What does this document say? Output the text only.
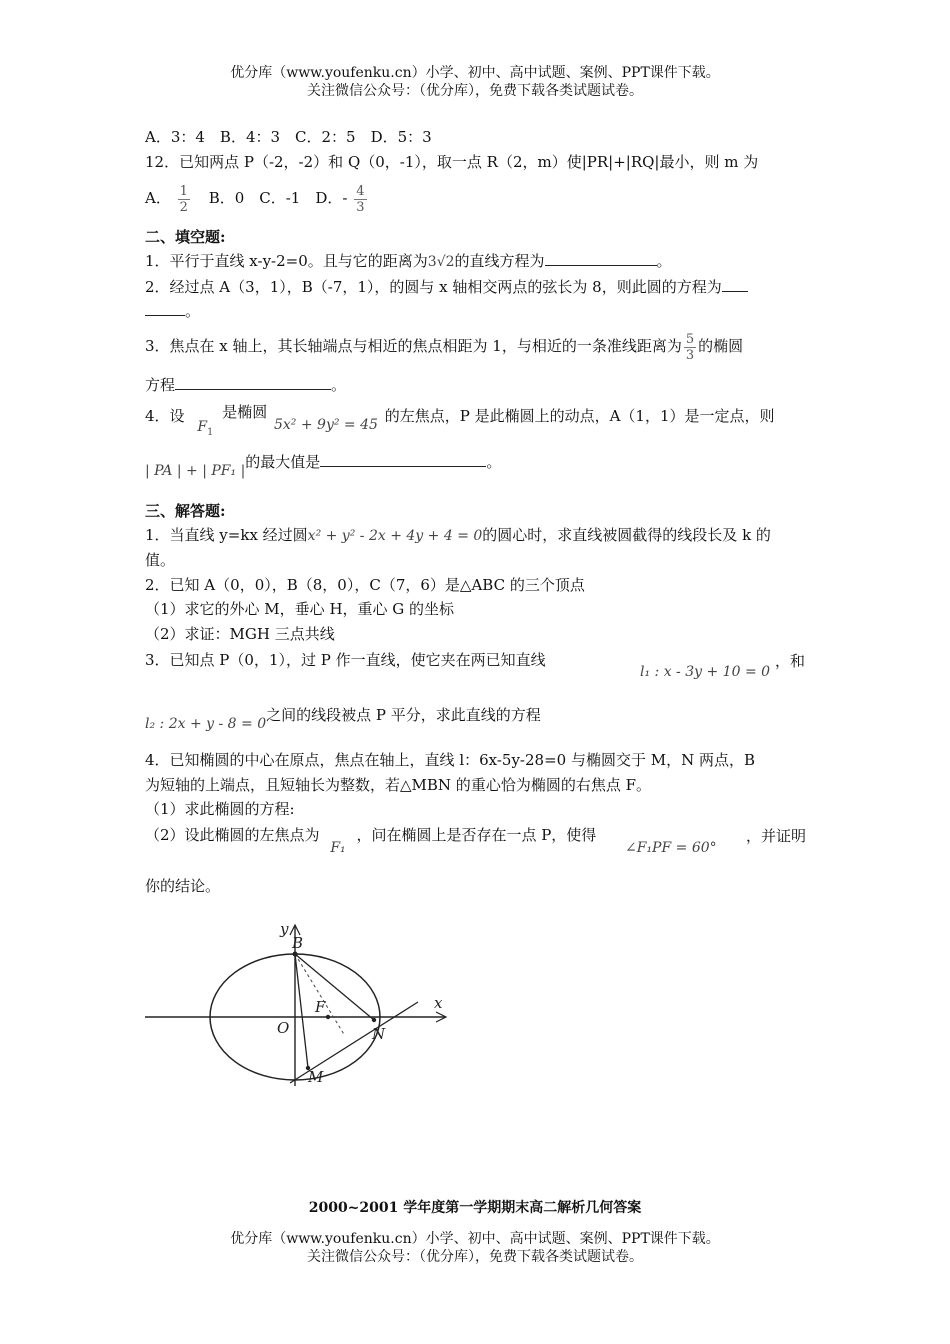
优分库（www.youfenku.cn）小学、初中、高中试题、案例、PPT课件下载。
关注微信公众号：（优分库），免费下载各类试题试卷。
A．3：4　B．4：3　C．2：5　D．5：3
12．已知两点 P（-2，-2）和 Q（0，-1），取一点 R（2，m）使|PR|+|RQ|最小，则 m 为
A． $\frac{1}{2}$ B．0　C．-1　D．- $\frac{4}{3}$
二、填空题:
1．平行于直线 x-y-2=0。且与它的距离为3√2的直线方程为	。
2．经过点 A（3，1），B（-7，1），的圆与 x 轴相交两点的弦长为 8，则此圆的方程为
。
3．焦点在 x 轴上，其长轴端点与相近的焦点相距为 1，与相近的一条准线距离为 $\frac{5}{3}$ 的椭圆
方程	。
4．设 $F_1$ 是椭圆 5x² + 9y² = 45 的左焦点，P 是此椭圆上的动点，A（1，1）是一定点，则
| PA | + | PF₁ |的最大值是	。
三、解答题:
1．当直线 y=kx 经过圆x² + y² - 2x + 4y + 4 = 0的圆心时，求直线被圆截得的线段长及 k 的
值。
2．已知 A（0，0），B（8，0），C（7，6）是△ABC 的三个顶点
（1）求它的外心 M，垂心 H，重心 G 的坐标
（2）求证：MGH 三点共线
3．已知点 P（0，1），过 P 作一直线，使它夹在两已知直线
l₁ : x - 3y + 10 = 0
，和
l₂ : 2x + y - 8 = 0之间的线段被点 P 平分，求此直线的方程
4．已知椭圆的中心在原点，焦点在轴上，直线 l：6x-5y-28=0 与椭圆交于 M，N 两点，B
为短轴的上端点，且短轴长为整数，若△MBN 的重心恰为椭圆的右焦点 F。
（1）求此椭圆的方程:
（2）设此椭圆的左焦点为 F₁ ，问在椭圆上是否存在一点 P，使得
∠F₁PF = 60°
，并证明
你的结论。
x
y
B
F
O	N
M
2000~2001 学年度第一学期期末高二解析几何答案
优分库（www.youfenku.cn）小学、初中、高中试题、案例、PPT课件下载。
关注微信公众号：（优分库），免费下载各类试题试卷。
